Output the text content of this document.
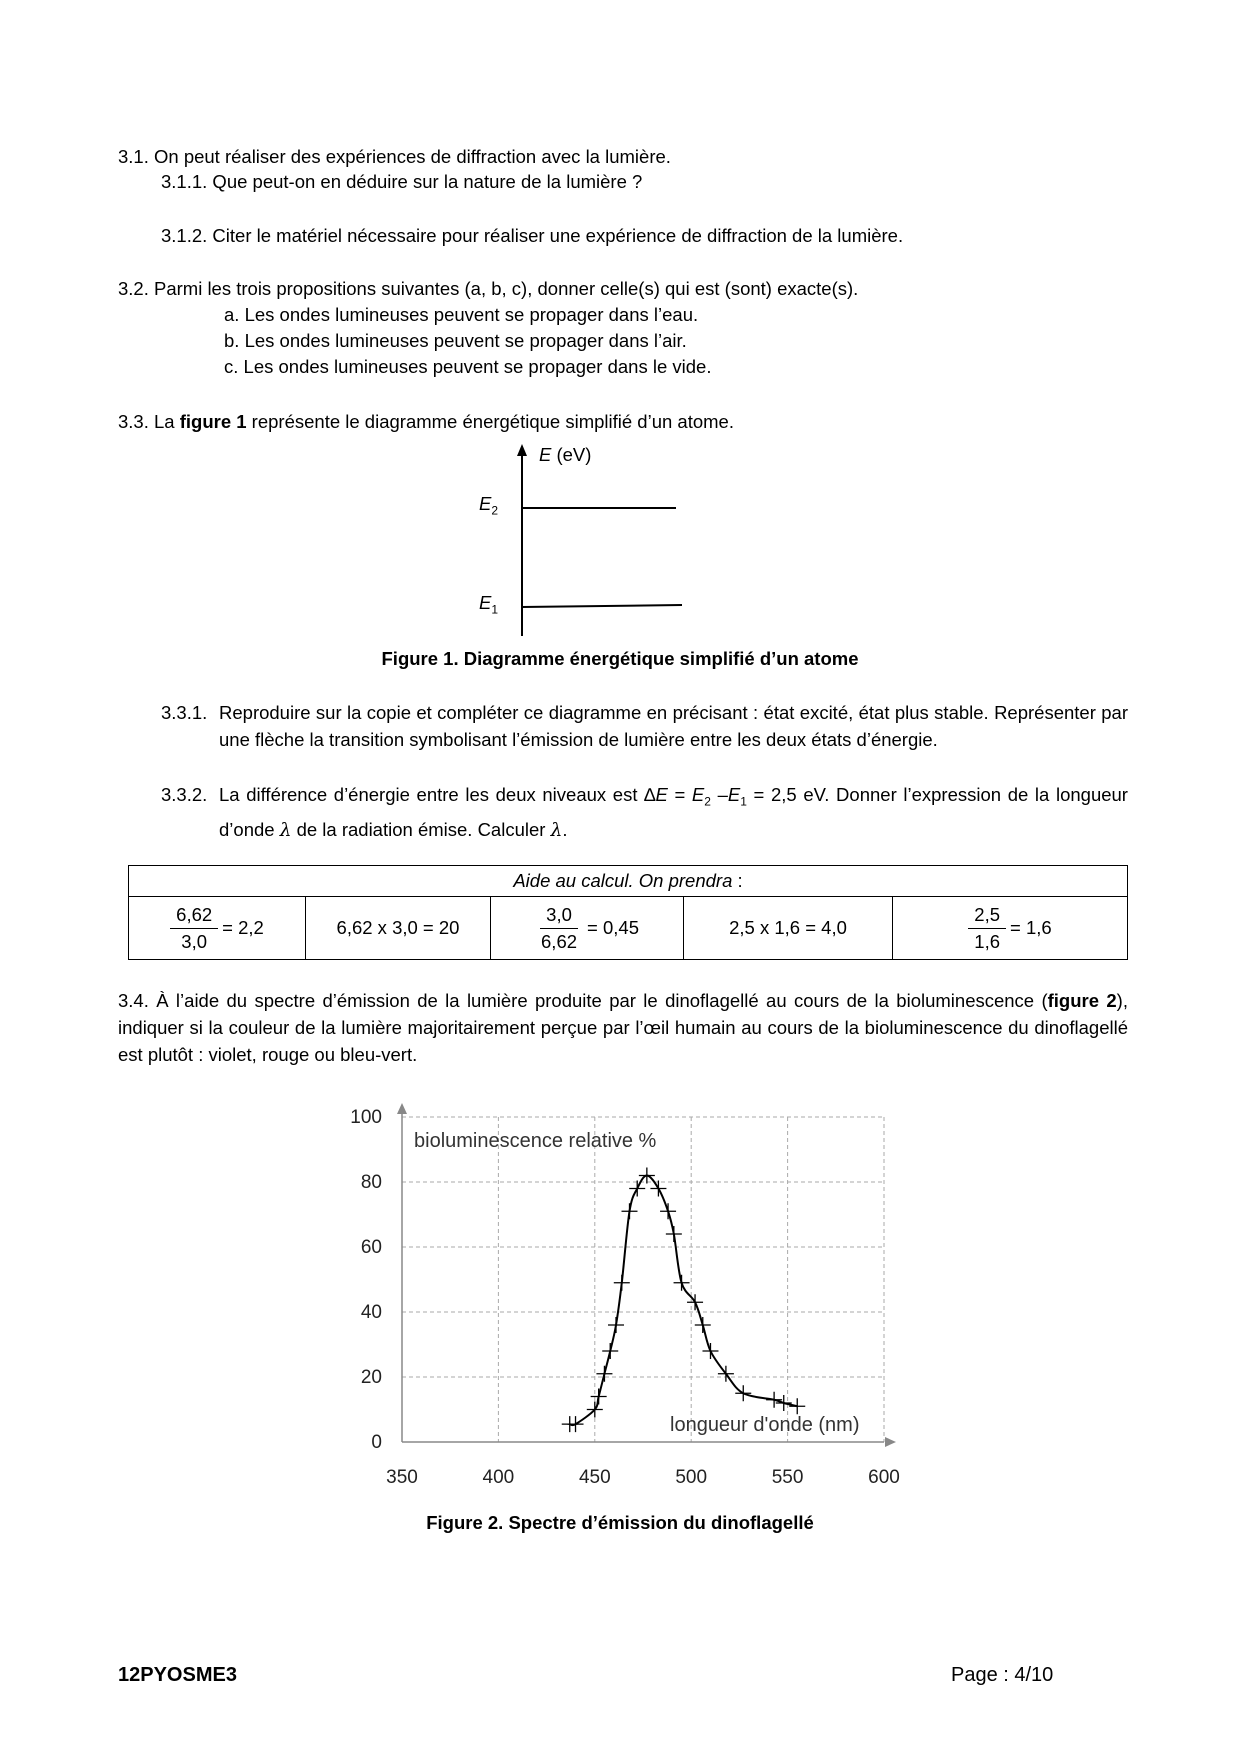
3.1. On peut réaliser des expériences de diffraction avec la lumière.
3.1.1. Que peut-on en déduire sur la nature de la lumière ?
3.1.2. Citer le matériel nécessaire pour réaliser une expérience de diffraction de la lumière.
3.2. Parmi les trois propositions suivantes (a, b, c), donner celle(s) qui est (sont) exacte(s).
a. Les ondes lumineuses peuvent se propager dans l’eau.
b. Les ondes lumineuses peuvent se propager dans l’air.
c. Les ondes lumineuses peuvent se propager dans le vide.
3.3. La figure 1 représente le diagramme énergétique simplifié d’un atome.
E (eV)
$E_2$
$E_1$
Figure 1. Diagramme énergétique simplifié d’un atome
3.3.1. Reproduire sur la copie et compléter ce diagramme en précisant : état excité, état plus stable. Représenter par une flèche la transition symbolisant l’émission de lumière entre les deux états d’énergie.
3.3.2. La différence d’énergie entre les deux niveaux est $\Delta E = E_2$ $-E_1 = 2,5$ eV. Donner l’expression de la longueur d’onde λ de la radiation émise. Calculer λ.
Aide au calcul. On prendra :

$\frac{6,62}{3,0} = 2,2$	6,62 x 3,0 = 20	$\frac{3,0}{6,62} = 0,45$	2,5 x 1,6 = 4,0	$\frac{2,5}{1,6} = 1,6$
3.4. À l’aide du spectre d’émission de la lumière produite par le dinoflagellé au cours de la bioluminescence (figure 2), indiquer si la couleur de la lumière majoritairement perçue par l’œil humain au cours de la bioluminescence du dinoflagellé est plutôt : violet, rouge ou bleu-vert.
350	400	450	500	550	600
0
20
40
60
80
100
bioluminescence relative %
longueur d'onde (nm)
Figure 2. Spectre d’émission du dinoflagellé
12PYOSME3	Page : 4/10
